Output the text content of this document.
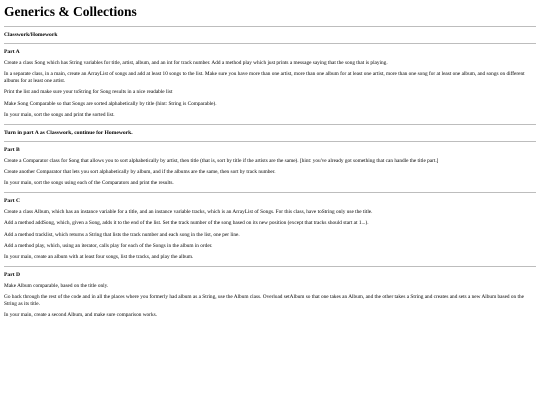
Generics & Collections
Classwork/Homework
Part A

Create a class Song which has String variables for title, artist, album, and an int for track number. Add a method play which just prints a message saying that the song that is playing.

In a separate class, in a main, create an ArrayList of songs and add at least 10 songs to the list. Make sure you have more than one artist, more than one album for at least one artist, more than one song for at least one album, and songs on different albums for at least one artist.

Print the list and make sure your toString for Song results in a nice readable list

Make Song Comparable so that Songs are sorted alphabetically by title (hint: String is Comparable).

In your main, sort the songs and print the sorted list.

Turn in part A as Classwork, continue for Homework.
Part B

Create a Comparator class for Song that allows you to sort alphabetically by artist, then title (that is, sort by title if the artists are the same). [hint: you've already got something that can handle the title part.]

Create another Comparator that lets you sort alphabetically by album, and if the albums are the same, then sort by track number.

In your main, sort the songs using each of the Comparators and print the results.

Part C

Create a class Album, which has an instance variable for a title, and an instance variable tracks, which is an ArrayList of Songs. For this class, have toString only use the title.

Add a method addSong, which, given a Song, adds it to the end of the list. Set the track number of the song based on its new position (except that tracks should start at 1...).

Add a method tracklist, which returns a String that lists the track number and each song in the list, one per line.

Add a method play, which, using an iterator, calls play for each of the Songs in the album in order.

In your main, create an album with at least four songs, list the tracks, and play the album.

Part D

Make Album comparable, based on the title only.

Go back through the rest of the code and in all the places where you formerly had album as a String, use the Album class. Overload setAlbum so that one takes an Album, and the other takes a String and creates and sets a new Album based on the String as its title.

In your main, create a second Album, and make sure comparison works.
